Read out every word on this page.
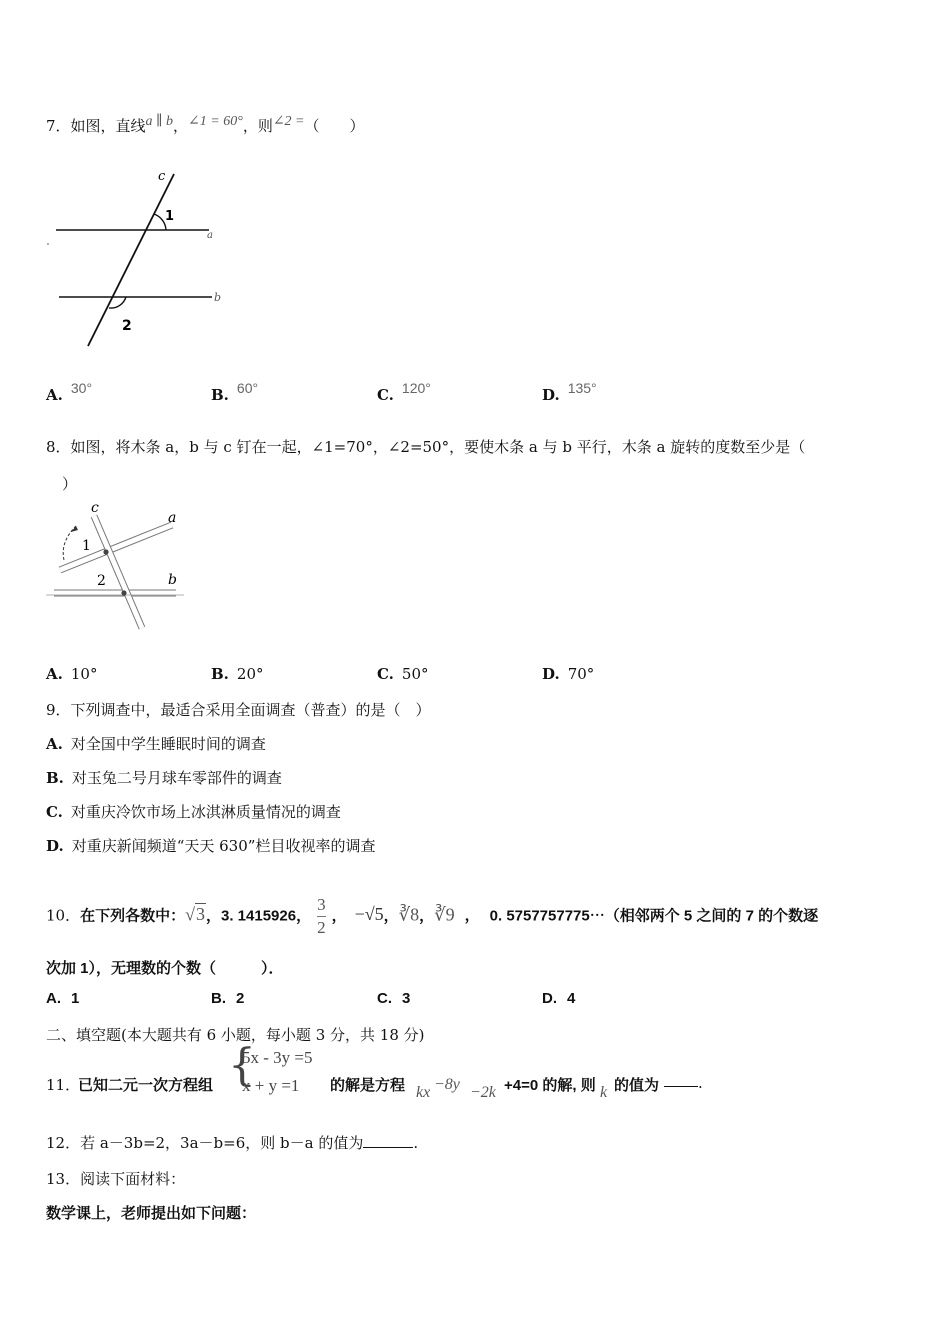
7．如图，直线a ∥ b，∠1 = 60°，则∠2 =（　　）
c
a
b
1
2
A. 30°	B. 60°	C. 120°	D. 135°
8．如图，将木条 a，b 与 c 钉在一起，∠1=70°，∠2=50°，要使木条 a 与 b 平行，木条 a 旋转的度数至少是（
）
c
a
b
1
2
A. 10°	B. 20°	C. 50°	D. 70°
9．下列调查中，最适合采用全面调查（普查）的是（　）
A. 对全国中学生睡眠时间的调查
B. 对玉兔二号月球车零部件的调查
C. 对重庆冷饮市场上冰淇淋质量情况的调查
D. 对重庆新闻频道“天天 630”栏目收视率的调查
10．在下列各数中：√3，3. 1415926， $\frac{3}{2}$ ， −√5，∛8，∛9 ， 0. 5757757775⋯（相邻两个 5 之间的 7 的个数逐
次加 1），无理数的个数（　　　）．
A. 1	B. 2	C. 3	D. 4
二、填空题(本大题共有 6 小题，每小题 3 分，共 18 分)
11．
已知二元一次方程组 {
5x - 3y =5
x + y =1 的解是方程 kx −8y −2k +4=0 的解, 则 k 的值为	.
12．若 a－3b=2，3a－b=6，则 b－a 的值为	.
13．阅读下面材料：
数学课上，老师提出如下问题：
